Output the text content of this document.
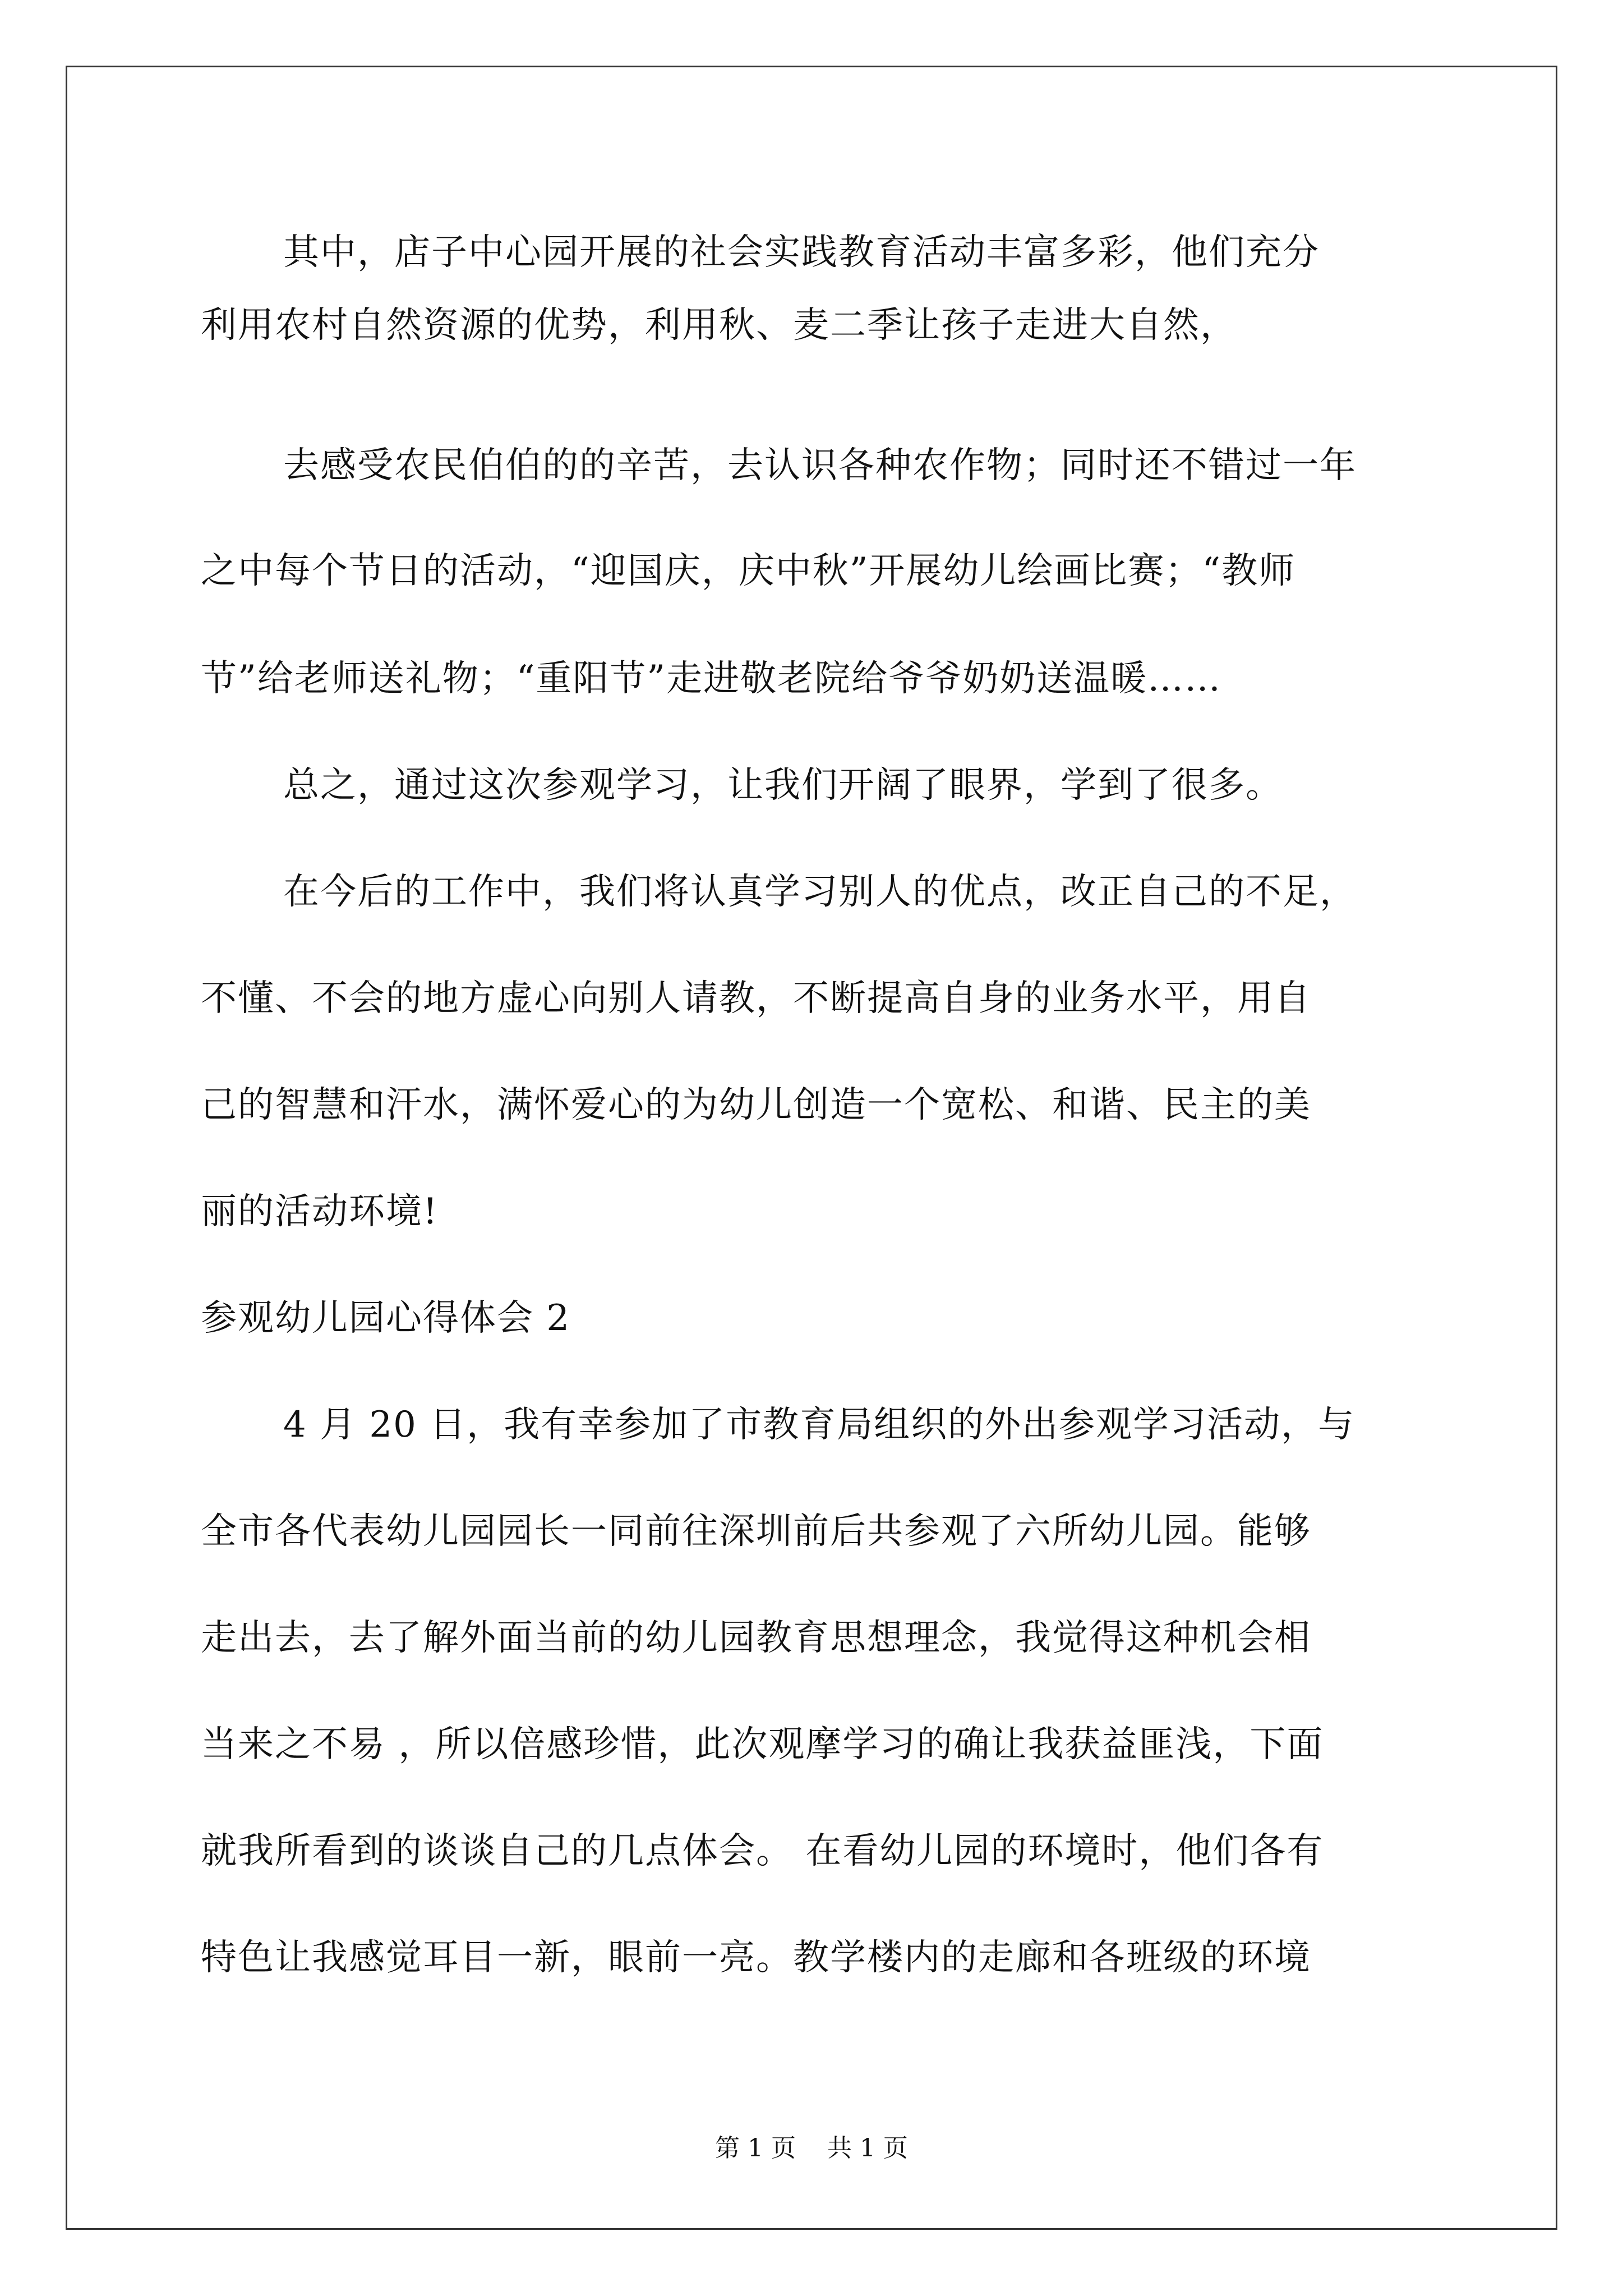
其中，店子中心园开展的社会实践教育活动丰富多彩，他们充分
利用农村自然资源的优势，利用秋、麦二季让孩子走进大自然，
去感受农民伯伯的的辛苦，去认识各种农作物；同时还不错过一年
之中每个节日的活动，“迎国庆，庆中秋”开展幼儿绘画比赛；“教师
节”给老师送礼物；“重阳节”走进敬老院给爷爷奶奶送温暖……
总之，通过这次参观学习，让我们开阔了眼界，学到了很多。
在今后的工作中，我们将认真学习别人的优点，改正自己的不足，
不懂、不会的地方虚心向别人请教，不断提高自身的业务水平，用自
己的智慧和汗水，满怀爱心的为幼儿创造一个宽松、和谐、民主的美
丽的活动环境!
参观幼儿园心得体会 2
4 月 20 日，我有幸参加了市教育局组织的外出参观学习活动，与
全市各代表幼儿园园长一同前往深圳前后共参观了六所幼儿园。能够
走出去，去了解外面当前的幼儿园教育思想理念，我觉得这种机会相
当来之不易 ，所以倍感珍惜，此次观摩学习的确让我获益匪浅，下面
就我所看到的谈谈自己的几点体会。 在看幼儿园的环境时，他们各有
特色让我感觉耳目一新，眼前一亮。教学楼内的走廊和各班级的环境
第 1 页    共 1 页
